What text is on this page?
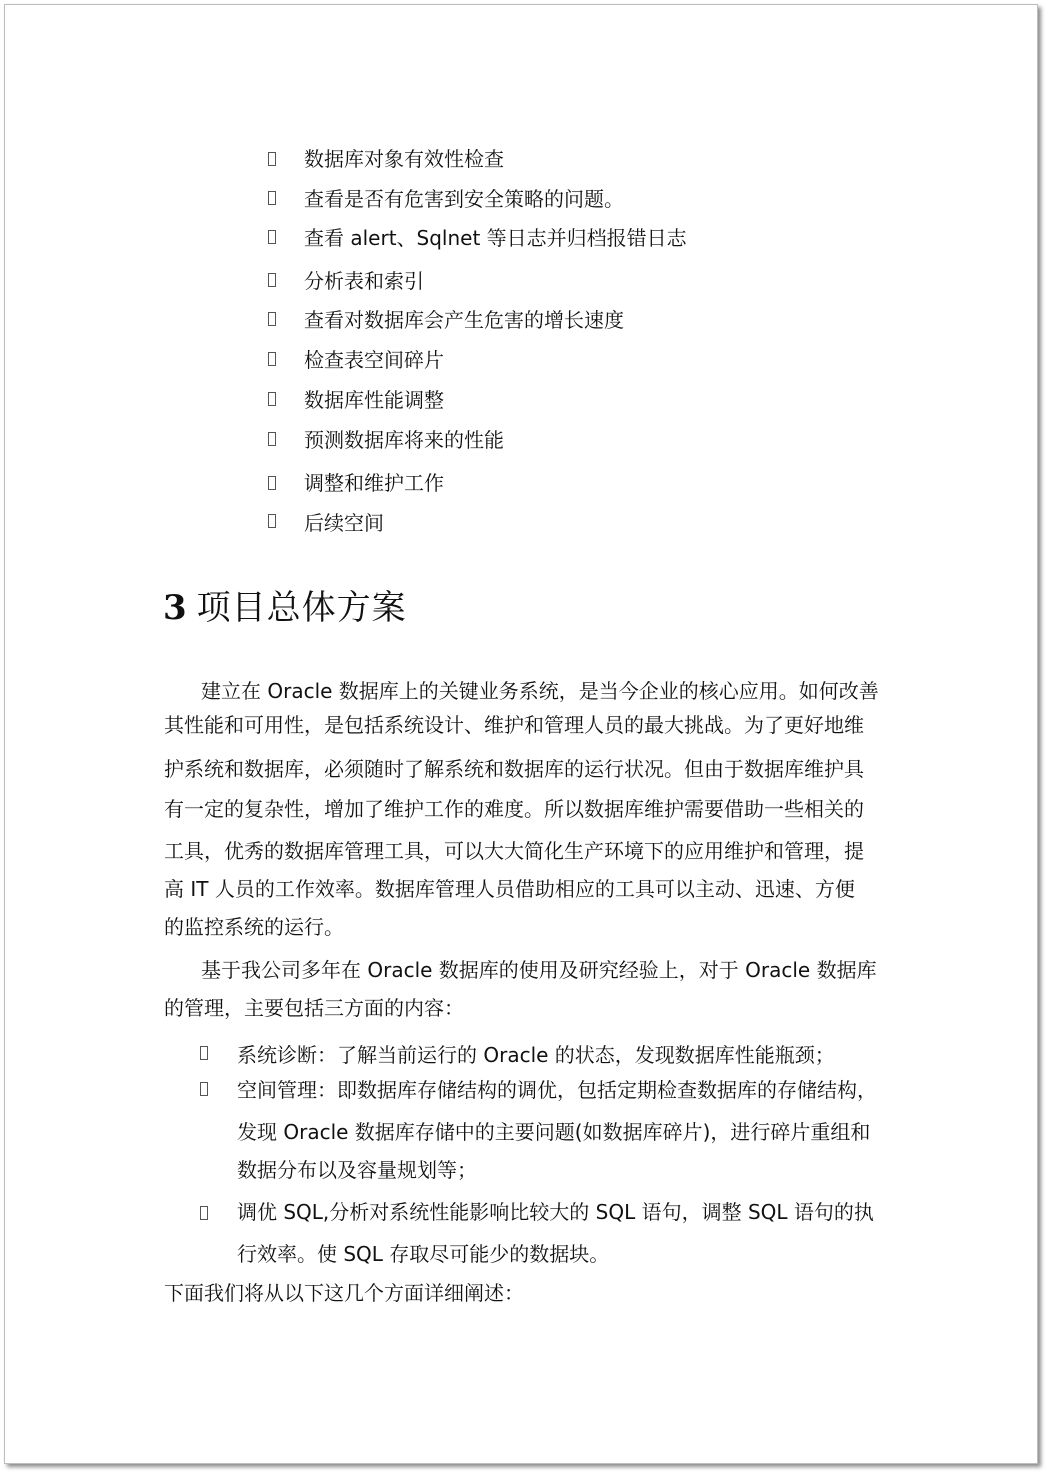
数据库对象有效性检查
查看是否有危害到安全策略的问题。
查看 alert、Sqlnet 等日志并归档报错日志
分析表和索引
查看对数据库会产生危害的增长速度
检查表空间碎片
数据库性能调整
预测数据库将来的性能
调整和维护工作
后续空间
3 项目总体方案
建立在 Oracle 数据库上的关键业务系统，是当今企业的核心应用。如何改善
其性能和可用性，是包括系统设计、维护和管理人员的最大挑战。为了更好地维
护系统和数据库，必须随时了解系统和数据库的运行状况。但由于数据库维护具
有一定的复杂性，增加了维护工作的难度。所以数据库维护需要借助一些相关的
工具，优秀的数据库管理工具，可以大大简化生产环境下的应用维护和管理，提
高 IT 人员的工作效率。数据库管理人员借助相应的工具可以主动、迅速、方便
的监控系统的运行。
基于我公司多年在 Oracle 数据库的使用及研究经验上，对于 Oracle 数据库
的管理，主要包括三方面的内容：
系统诊断：了解当前运行的 Oracle 的状态，发现数据库性能瓶颈；
空间管理：即数据库存储结构的调优，包括定期检查数据库的存储结构，
发现 Oracle 数据库存储中的主要问题(如数据库碎片)，进行碎片重组和
数据分布以及容量规划等；
调优 SQL,分析对系统性能影响比较大的 SQL 语句，调整 SQL 语句的执
行效率。使 SQL 存取尽可能少的数据块。
下面我们将从以下这几个方面详细阐述：
